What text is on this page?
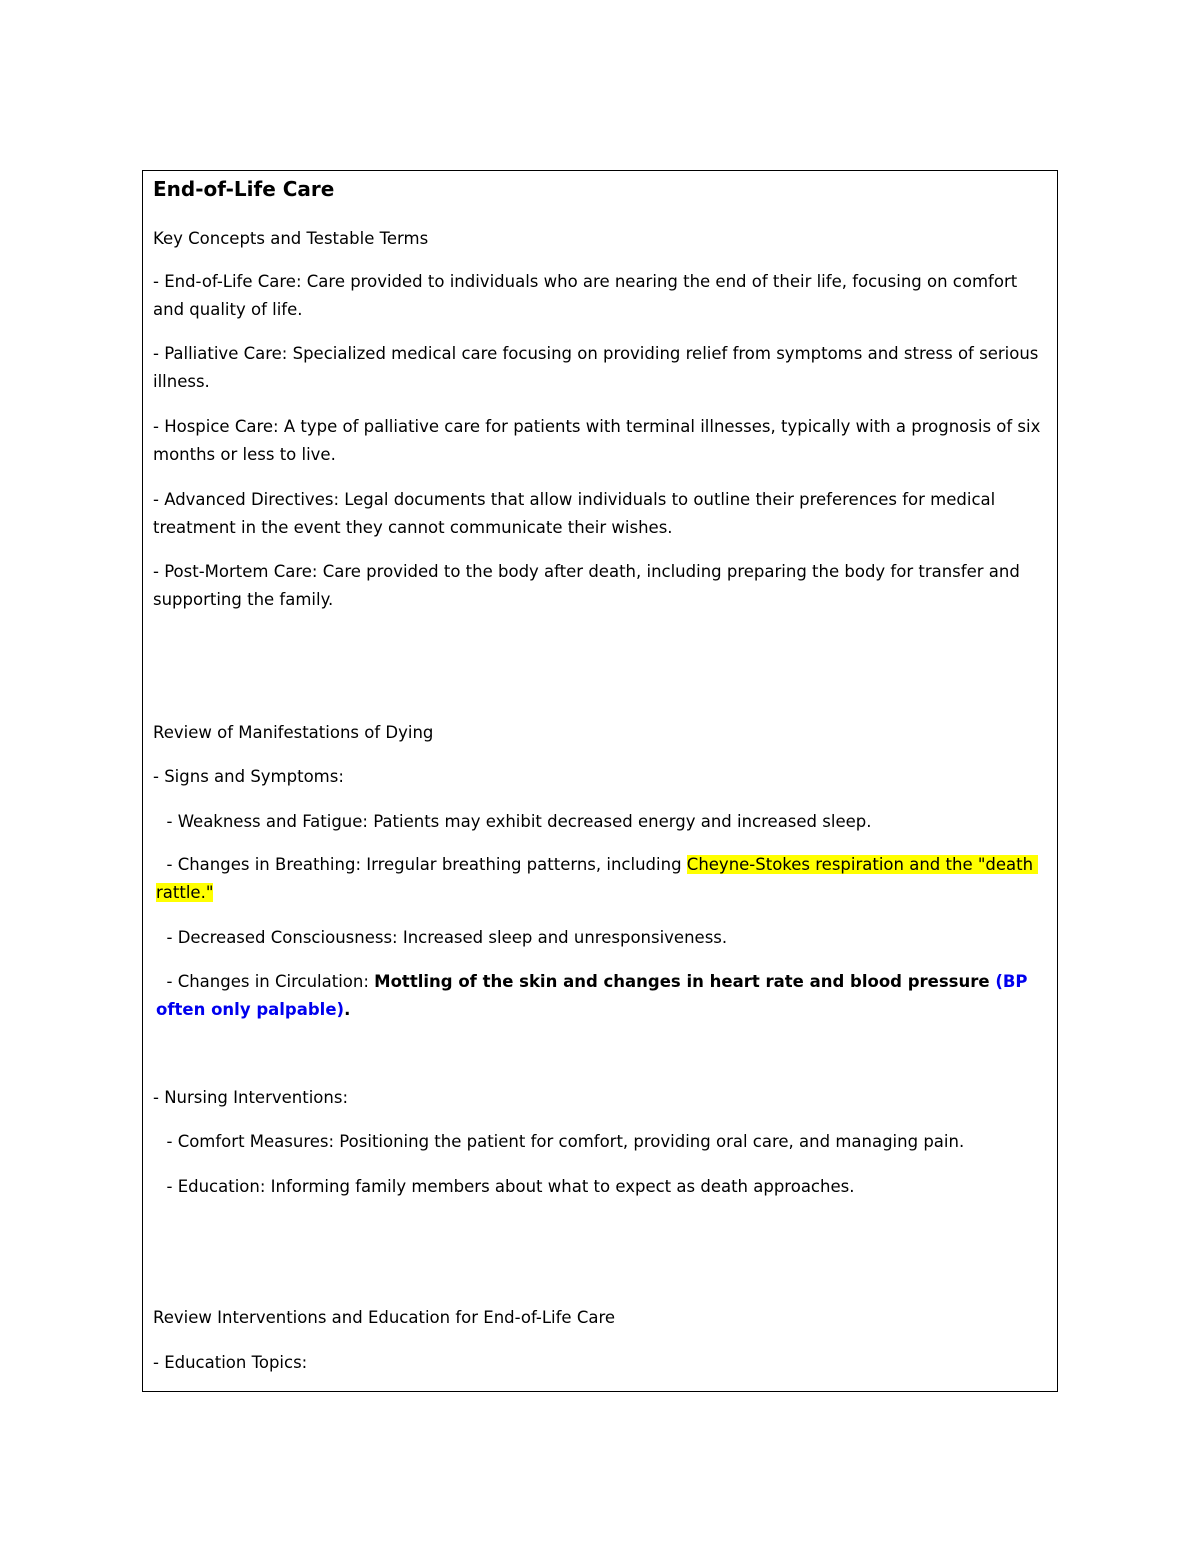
End-of-Life Care
Key Concepts and Testable Terms
- End-of-Life Care: Care provided to individuals who are nearing the end of their life, focusing on comfort and quality of life.
- Palliative Care: Specialized medical care focusing on providing relief from symptoms and stress of serious illness.
- Hospice Care: A type of palliative care for patients with terminal illnesses, typically with a prognosis of six months or less to live.
- Advanced Directives: Legal documents that allow individuals to outline their preferences for medical treatment in the event they cannot communicate their wishes.
- Post-Mortem Care: Care provided to the body after death, including preparing the body for transfer and supporting the family.
Review of Manifestations of Dying
- Signs and Symptoms:
- Weakness and Fatigue: Patients may exhibit decreased energy and increased sleep.
- Changes in Breathing: Irregular breathing patterns, including Cheyne-Stokes respiration and the "death rattle."
- Decreased Consciousness: Increased sleep and unresponsiveness.
- Changes in Circulation: Mottling of the skin and changes in heart rate and blood pressure (BP often only palpable).
- Nursing Interventions:
- Comfort Measures: Positioning the patient for comfort, providing oral care, and managing pain.
- Education: Informing family members about what to expect as death approaches.
Review Interventions and Education for End-of-Life Care
- Education Topics:
